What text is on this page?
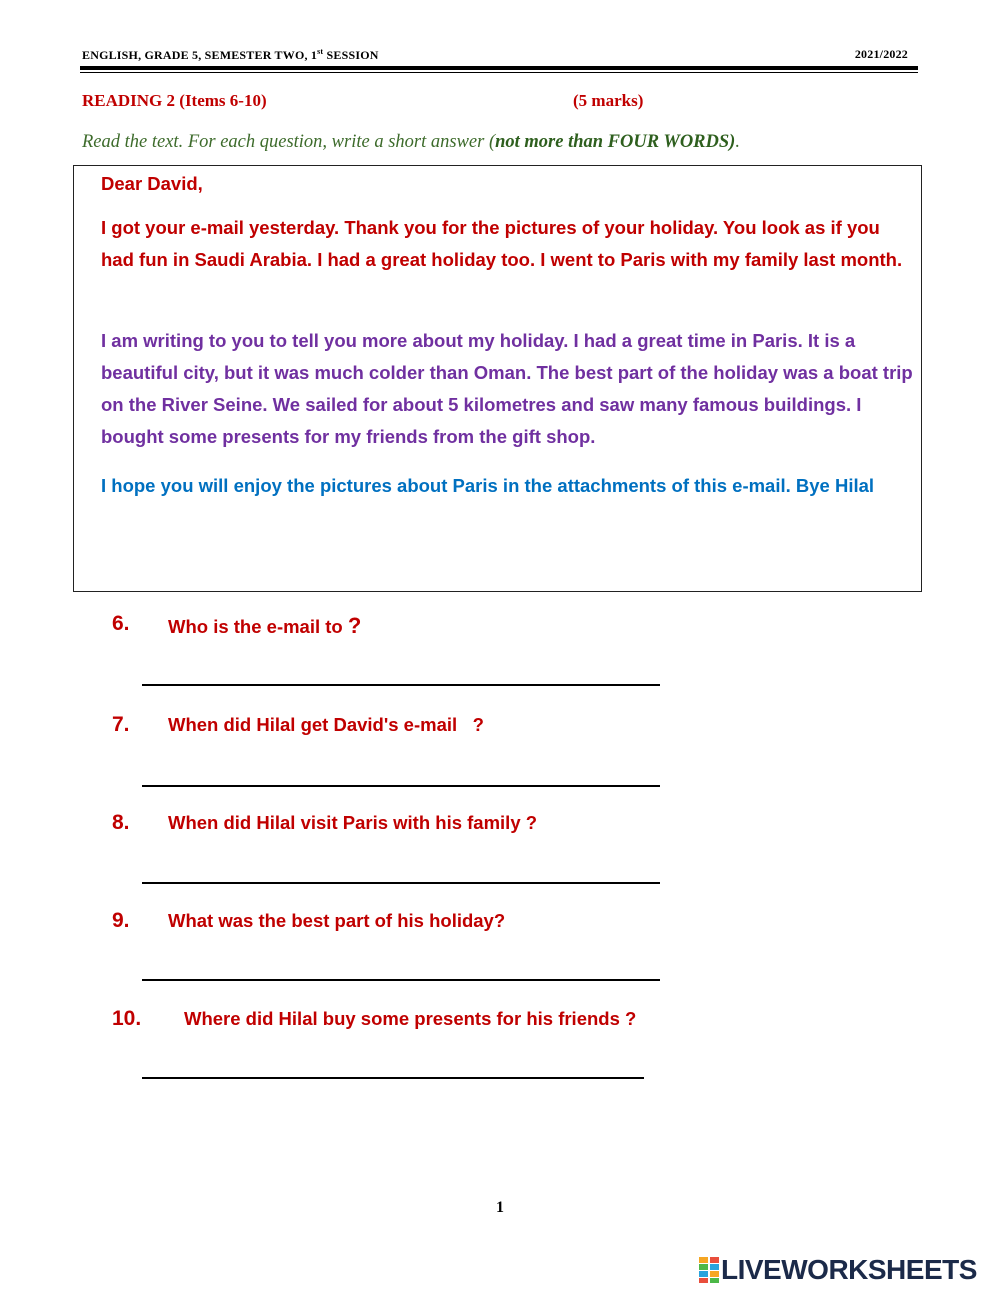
ENGLISH, GRADE 5, SEMESTER TWO, 1st SESSION	2021/2022
READING 2 (Items 6-10)	(5 marks)
Read the text. For each question, write a short answer (not more than FOUR WORDS).
Dear David,
I got your e-mail yesterday. Thank you for the pictures of your holiday. You look as if you had fun in Saudi Arabia. I had a great holiday too. I went to Paris with my family last month.
I am writing to you to tell you more about my holiday. I had a great time in Paris. It is a beautiful city, but it was much colder than Oman. The best part of the holiday was a boat trip on the River Seine. We sailed for about 5 kilometres and saw many famous buildings. I bought some presents for my friends from the gift shop.
I hope you will enjoy the pictures about Paris in the attachments of this e-mail. Bye Hilal
6. Who is the e-mail to ?
7. When did Hilal get David's e-mail   ?
8. When did Hilal visit Paris with his family ?
9. What was the best part of his holiday?
10. Where did Hilal buy some presents for his friends ?
1
LIVEWORKSHEETS
